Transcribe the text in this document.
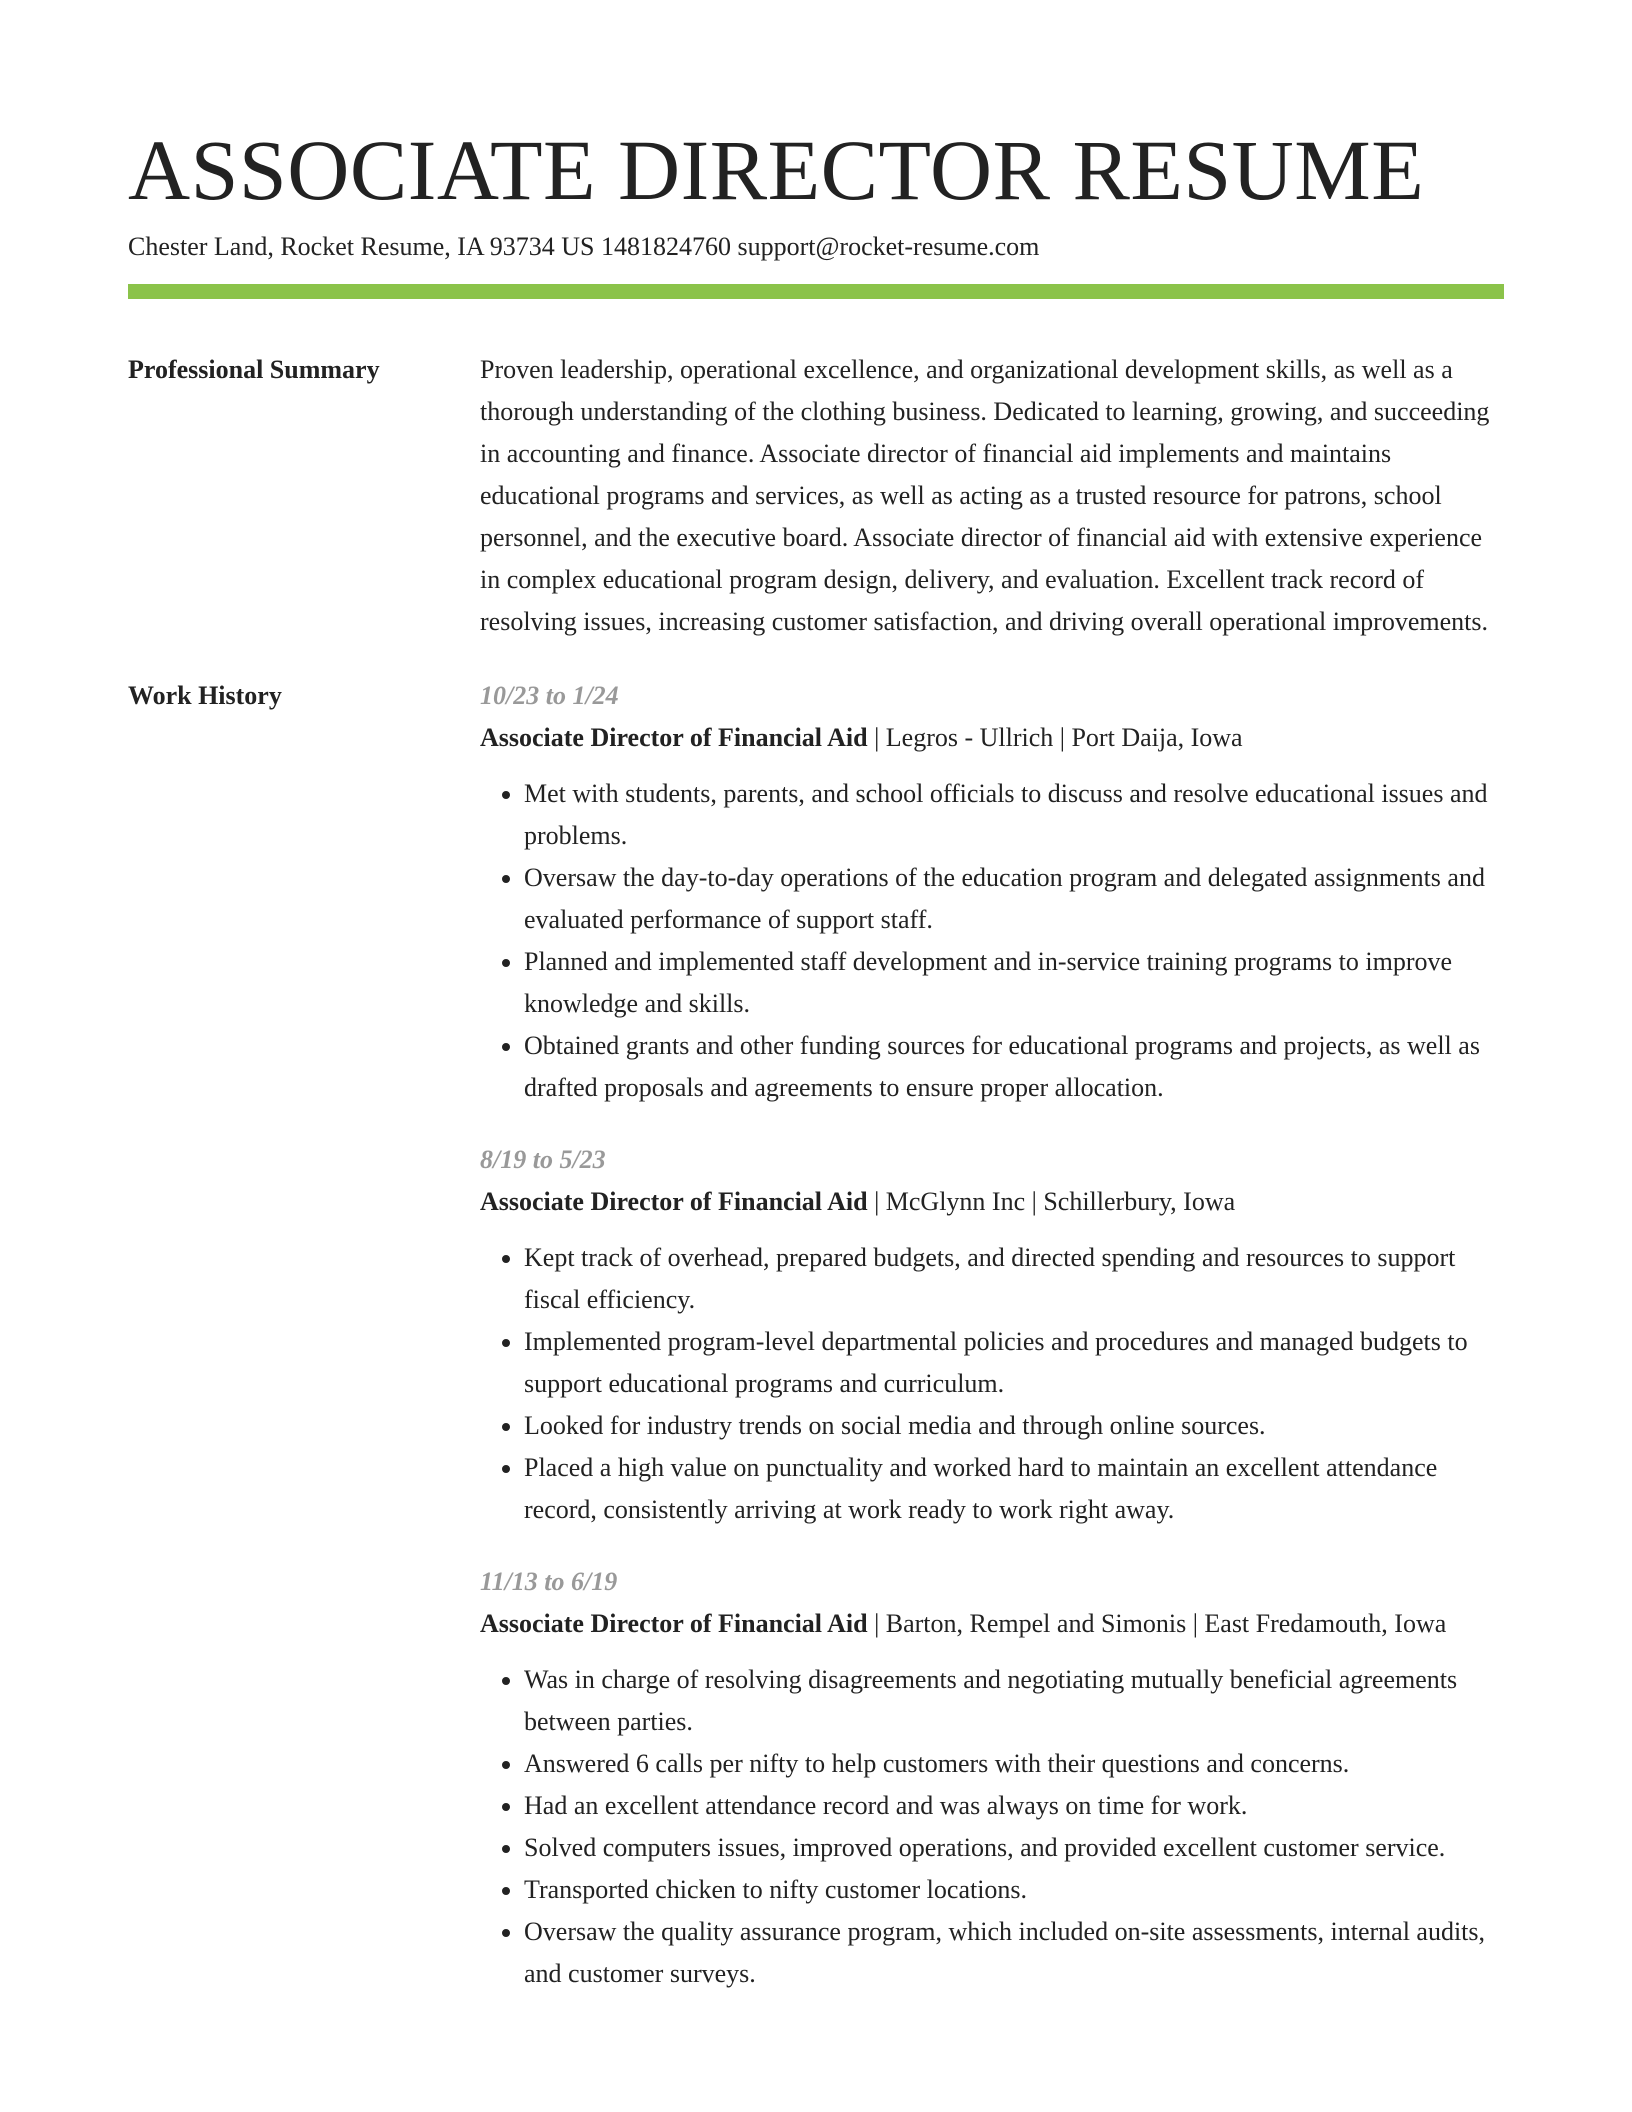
ASSOCIATE DIRECTOR RESUME
Chester Land, Rocket Resume, IA 93734 US 1481824760 support@rocket-resume.com
Professional Summary	Proven leadership, operational excellence, and organizational development skills, as well as a thorough understanding of the clothing business. Dedicated to learning, growing, and succeeding in accounting and finance. Associate director of financial aid implements and maintains educational programs and services, as well as acting as a trusted resource for patrons, school personnel, and the executive board. Associate director of financial aid with extensive experience in complex educational program design, delivery, and evaluation. Excellent track record of resolving issues, increasing customer satisfaction, and driving overall operational improvements.

Work History	10/23 to 1/24
Associate Director of Financial Aid | Legros - Ullrich | Port Daija, Iowa
• Met with students, parents, and school officials to discuss and resolve educational issues and problems.
• Oversaw the day-to-day operations of the education program and delegated assignments and evaluated performance of support staff.
• Planned and implemented staff development and in-service training programs to improve knowledge and skills.
• Obtained grants and other funding sources for educational programs and projects, as well as drafted proposals and agreements to ensure proper allocation.
8/19 to 5/23
Associate Director of Financial Aid | McGlynn Inc | Schillerbury, Iowa
• Kept track of overhead, prepared budgets, and directed spending and resources to support fiscal efficiency.
• Implemented program-level departmental policies and procedures and managed budgets to support educational programs and curriculum.
• Looked for industry trends on social media and through online sources.
• Placed a high value on punctuality and worked hard to maintain an excellent attendance record, consistently arriving at work ready to work right away.
11/13 to 6/19
Associate Director of Financial Aid | Barton, Rempel and Simonis | East Fredamouth, Iowa
• Was in charge of resolving disagreements and negotiating mutually beneficial agreements between parties.
• Answered 6 calls per nifty to help customers with their questions and concerns.
• Had an excellent attendance record and was always on time for work.
• Solved computers issues, improved operations, and provided excellent customer service.
• Transported chicken to nifty customer locations.
• Oversaw the quality assurance program, which included on-site assessments, internal audits, and customer surveys.
